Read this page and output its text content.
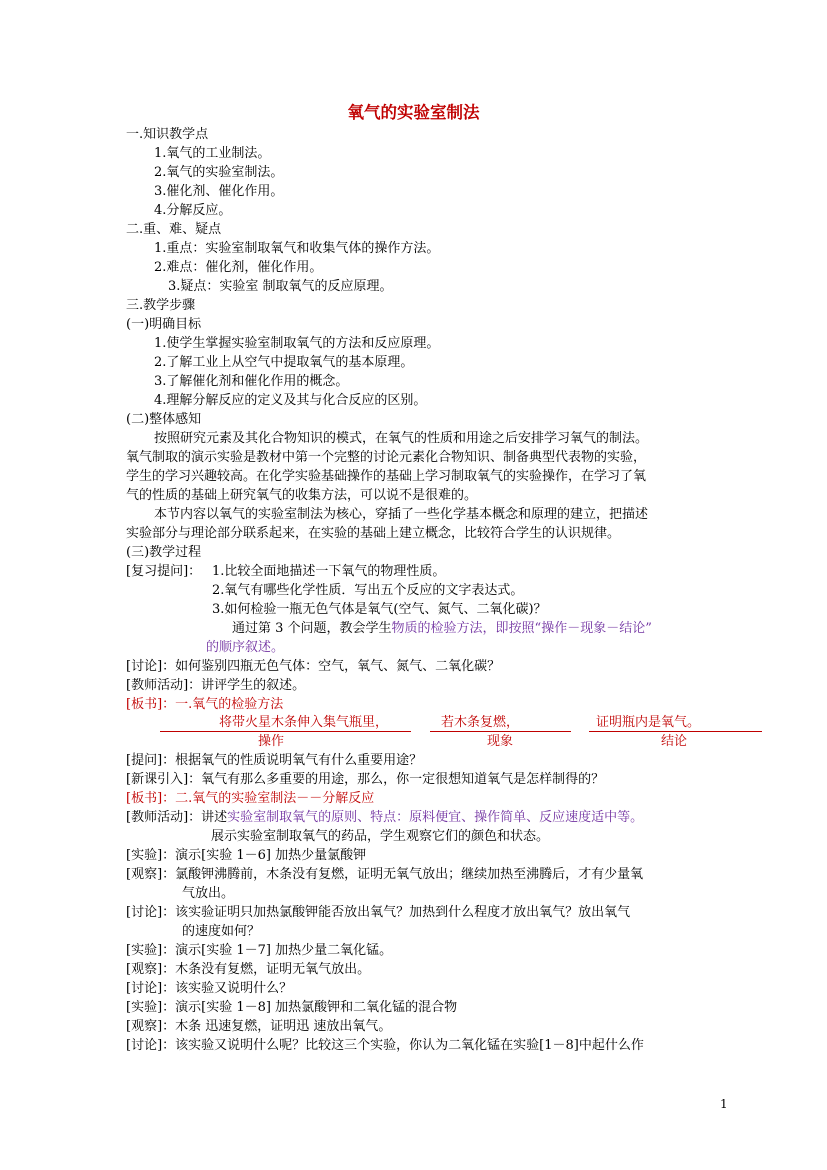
氧气的实验室制法
一.知识教学点
1.氧气的工业制法。
2.氧气的实验室制法。
3.催化剂、催化作用。
4.分解反应。
二.重、难、疑点
1.重点：实验室制取氧气和收集气体的操作方法。
2.难点：催化剂，催化作用。
3.疑点：实验室 制取氧气的反应原理。
三.教学步骤
(一)明确目标
1.使学生掌握实验室制取氧气的方法和反应原理。
2.了解工业上从空气中提取氧气的基本原理。
3.了解催化剂和催化作用的概念。
4.理解分解反应的定义及其与化合反应的区别。
(二)整体感知
按照研究元素及其化合物知识的模式，在氧气的性质和用途之后安排学习氧气的制法。
氧气制取的演示实验是教材中第一个完整的讨论元素化合物知识、制备典型代表物的实验，
学生的学习兴趣较高。在化学实验基础操作的基础上学习制取氧气的实验操作，在学习了氧
气的性质的基础上研究氧气的收集方法，可以说不是很难的。
本节内容以氧气的实验室制法为核心，穿插了一些化学基本概念和原理的建立，把描述
实验部分与理论部分联系起来，在实验的基础上建立概念，比较符合学生的认识规律。
(三)教学过程
[复习提问]： 1.比较全面地描述一下氧气的物理性质。
2.氧气有哪些化学性质．写出五个反应的文字表达式。
3.如何检验一瓶无色气体是氧气(空气、氮气、二氧化碳)？
通过第 3 个问题，教会学生物质的检验方法，即按照“操作－现象－结论”
的顺序叙述。
[讨论]：如何鉴别四瓶无色气体：空气，氧气、氮气、二氧化碳？
[教师活动]：讲评学生的叙述。
[板书]：一.氧气的检验方法
将带火星木条伸入集气瓶里，	若木条复燃，	证明瓶内是氧气。
操作	现象	结论
[提问]：根据氧气的性质说明氧气有什么重要用途？
[新课引入]：氧气有那么多重要的用途，那么，你一定很想知道氧气是怎样制得的？
[板书]：二.氧气的实验室制法－－分解反应
[教师活动]：讲述实验室制取氧气的原则、特点：原料便宜、操作简单、反应速度适中等。
展示实验室制取氧气的药品，学生观察它们的颜色和状态。
[实验]：演示[实验 1－6] 加热少量氯酸钾
[观察]：氯酸钾沸腾前，木条没有复燃，证明无氧气放出；继续加热至沸腾后，才有少量氧
气放出。
[讨论]：该实验证明只加热氯酸钾能否放出氧气？加热到什么程度才放出氧气？放出氧气
的速度如何？
[实验]：演示[实验 1－7] 加热少量二氧化锰。
[观察]：木条没有复燃，证明无氧气放出。
[讨论]：该实验又说明什么？
[实验]：演示[实验 1－8] 加热氯酸钾和二氧化锰的混合物
[观察]：木条 迅速复燃，证明迅 速放出氧气。
[讨论]：该实验又说明什么呢？比较这三个实验，你认为二氧化锰在实验[1－8]中起什么作
1
